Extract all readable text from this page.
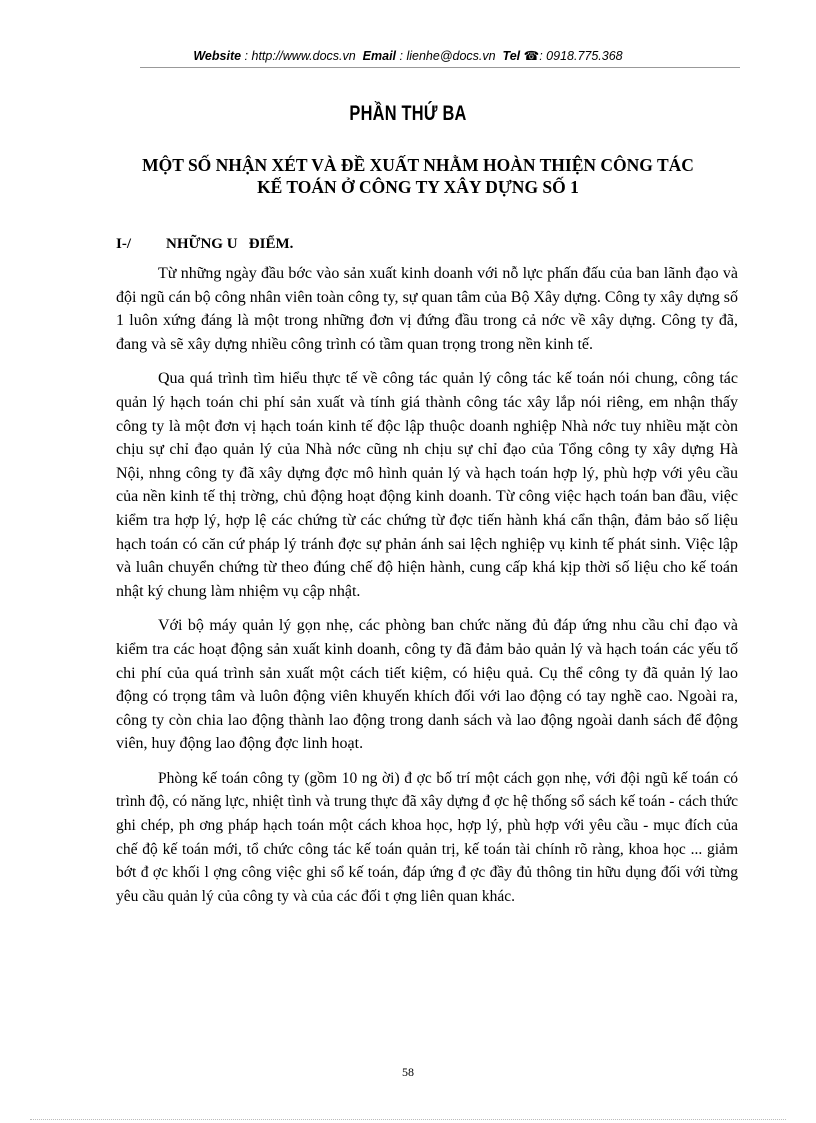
Website : http://www.docs.vn Email : lienhe@docs.vn Tel ☎: 0918.775.368
PHẦN THỨ BA
MỘT SỐ NHẬN XÉT VÀ ĐỀ XUẤT NHẰM HOÀN THIỆN CÔNG TÁC
KẾ TOÁN Ở CÔNG TY XÂY DỰNG SỐ 1
I-/ NHỮNG U   ĐIỂM.

Từ những ngày đầu bớc vào sản xuất kinh doanh với nỗ lực phấn đấu của ban lãnh đạo và đội ngũ cán bộ công nhân viên toàn công ty, sự quan tâm của Bộ Xây dựng. Công ty xây dựng số 1 luôn xứng đáng là một trong những đơn vị đứng đầu trong cả nớc về xây dựng. Công ty đã, đang và sẽ xây dựng nhiều công trình có tầm quan trọng trong nền kinh tế.

Qua quá trình tìm hiểu thực tế về công tác quản lý công tác kế toán nói chung, công tác quản lý hạch toán chi phí sản xuất và tính giá thành công tác xây lắp nói riêng, em nhận thấy công ty là một đơn vị hạch toán kinh tế độc lập thuộc doanh nghiệp Nhà nớc tuy nhiều mặt còn chịu sự chỉ đạo quản lý của Nhà nớc cũng nh chịu sự chỉ đạo của Tổng công ty xây dựng Hà Nội, nhng công ty đã xây dựng đợc mô hình quản lý và hạch toán hợp lý, phù hợp với yêu cầu của nền kinh tế thị trờng, chủ động hoạt động kinh doanh. Từ công việc hạch toán ban đầu, việc kiểm tra hợp lý, hợp lệ các chứng từ các chứng từ đợc tiến hành khá cẩn thận, đảm bảo số liệu hạch toán có căn cứ pháp lý tránh đợc sự phản ánh sai lệch nghiệp vụ kinh tế phát sinh. Việc lập và luân chuyển chứng từ theo đúng chế độ hiện hành, cung cấp khá kịp thời số liệu cho kế toán nhật ký chung làm nhiệm vụ cập nhật.

Với bộ máy quản lý gọn nhẹ, các phòng ban chức năng đủ đáp ứng nhu cầu chỉ đạo và kiểm tra các hoạt động sản xuất kinh doanh, công ty đã đảm bảo quản lý và hạch toán các yếu tố chi phí của quá trình sản xuất một cách tiết kiệm, có hiệu quả. Cụ thể công ty đã quản lý lao động có trọng tâm và luôn động viên khuyến khích đối với lao động có tay nghề cao. Ngoài ra, công ty còn chia lao động thành lao động trong danh sách và lao động ngoài danh sách để động viên, huy động lao động đợc linh hoạt.

Phòng kế toán công ty (gồm 10 ng ời) đ ợc bố trí một cách gọn nhẹ, với đội ngũ kế toán có trình độ, có năng lực, nhiệt tình và trung thực đã xây dựng đ ợc hệ thống sổ sách kế toán - cách thức ghi chép, ph ơng pháp hạch toán một cách khoa học, hợp lý, phù hợp với yêu cầu - mục đích của chế độ kế toán mới, tổ chức công tác kế toán quản trị, kế toán tài chính rõ ràng, khoa học ... giảm bớt đ ợc khối l ợng công việc ghi sổ kế toán, đáp ứng đ ợc đầy đủ thông tin hữu dụng đối với từng yêu cầu quản lý của công ty và của các đối t ợng liên quan khác.

58
